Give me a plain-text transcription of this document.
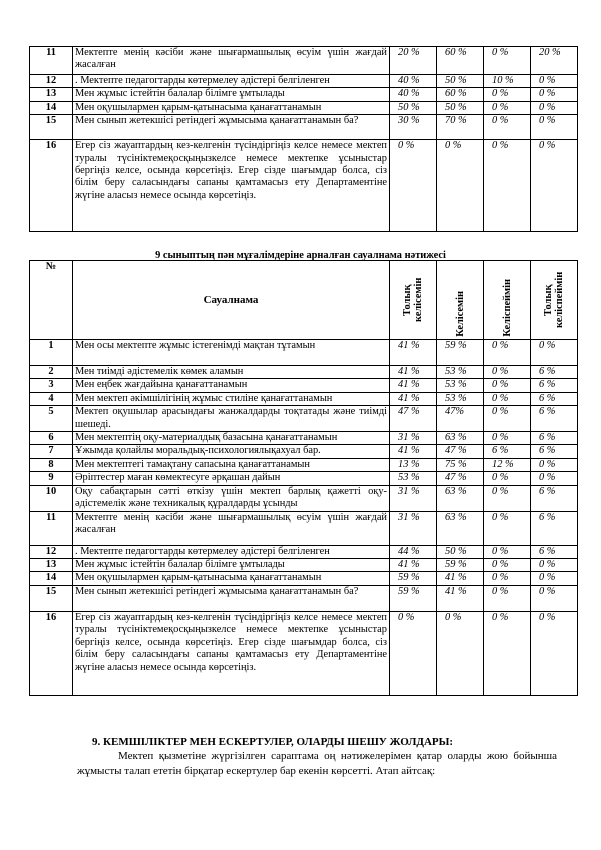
11	Мектепте менің кәсіби және шығармашылық өсуім үшін жағдай жасалған	20 %	60 %	0 %	20 %
12	. Мектепте педагогтарды көтермелеу әдістері белгіленген	40 %	50 %	10 %	0 %
13	Мен жұмыс істейтін балалар білімге ұмтылады	40 %	60 %	0 %	0 %
14	Мен оқушылармен қарым-қатынасыма қанағаттанамын	50 %	50 %	0 %	0 %
15	Мен сынып жетекшісі ретіндегі жұмысыма қанағаттанамын ба?	30 %	70 %	0 %	0 %
16	Егер сіз жауаптардың кез-келгенін түсіндіргіңіз келсе немесе мектеп туралы түсініктемеқосқыңызкелсе немесе мектепке ұсыныстар бергіңіз келсе, осында көрсетіңіз. Егер сізде шағымдар болса, сіз білім беру саласындағы сапаны қамтамасыз ету Департаментіне жүгіне аласыз немесе осында көрсетіңіз.	0 %	0 %	0 %	0 %
9 сыныптың пән мұғалімдеріне арналған сауалнама нәтижесі
№	Сауалнама	Толық келісемін	Келісемін	Келіспеймін	Толық келіспеймін

1	Мен осы мектепте жұмыс істегенімді мақтан тұтамын	41 %	59 %	0 %	0 %
2	Мен тиімді әдістемелік көмек аламын	41 %	53 %	0 %	6 %
3	Мен еңбек жағдайына қанағаттанамын	41 %	53 %	0 %	6 %
4	Мен мектеп әкімшілігінің жұмыс стиліне қанағаттанамын	41 %	53 %	0 %	6 %
5	Мектеп оқушылар арасындағы жанжалдарды тоқтатады және тиімді шешеді.	47 %	47%	0 %	6 %
6	Мен мектептің оқу-материалдық базасына қанағаттанамын	31 %	63 %	0 %	6 %
7	Ұжымда қолайлы моральдық-психологиялықахуал бар.	41 %	47 %	6 %	6 %
8	Мен мектептегі тамақтану сапасына қанағаттанамын	13 %	75 %	12 %	0 %
9	Әріптестер маған көмектесуге әрқашан дайын	53 %	47 %	0 %	0 %
10	Оқу сабақтарын сәтті өткізу үшін мектеп барлық қажетті оқу-әдістемелік және техникалық құралдарды ұсынды	31 %	63 %	0 %	6 %
11	Мектепте менің кәсіби және шығармашылық өсуім үшін жағдай жасалған	31 %	63 %	0 %	6 %
12	. Мектепте педагогтарды көтермелеу әдістері белгіленген	44 %	50 %	0 %	6 %
13	Мен жұмыс істейтін балалар білімге ұмтылады	41 %	59 %	0 %	0 %
14	Мен оқушылармен қарым-қатынасыма қанағаттанамын	59 %	41 %	0 %	0 %
15	Мен сынып жетекшісі ретіндегі жұмысыма қанағаттанамын ба?	59 %	41 %	0 %	0 %
16	Егер сіз жауаптардың кез-келгенін түсіндіргіңіз келсе немесе мектеп туралы түсініктемеқосқыңызкелсе немесе мектепке ұсыныстар бергіңіз келсе, осында көрсетіңіз. Егер сізде шағымдар болса, сіз білім беру саласындағы сапаны қамтамасыз ету Департаментіне жүгіне аласыз немесе осында көрсетіңіз.	0 %	0 %	0 %	0 %
9. КЕМШІЛІКТЕР МЕН ЕСКЕРТУЛЕР, ОЛАРДЫ ШЕШУ ЖОЛДАРЫ:
Мектеп қызметіне жүргізілген сараптама оң нәтижелерімен қатар оларды жою бойынша жұмысты талап ететін бірқатар ескертулер бар екенін көрсетті. Атап айтсақ:
